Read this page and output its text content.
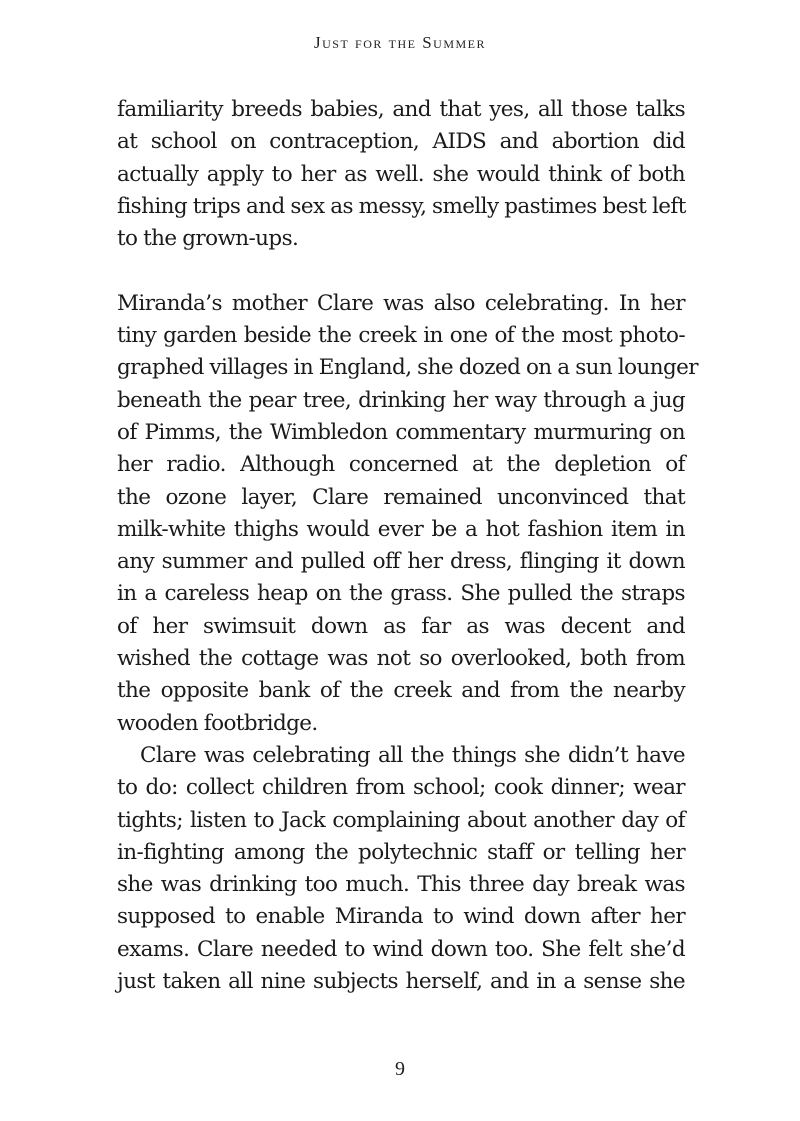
Just for the Summer
familiarity breeds babies, and that yes, all those talks
at school on contraception, AIDS and abortion did
actually apply to her as well. she would think of both
fishing trips and sex as messy, smelly pastimes best left
to the grown-ups.
Miranda’s mother Clare was also celebrating. In her
tiny garden beside the creek in one of the most photo-
graphed villages in England, she dozed on a sun lounger
beneath the pear tree, drinking her way through a jug
of Pimms, the Wimbledon commentary murmuring on
her radio. Although concerned at the depletion of
the ozone layer, Clare remained unconvinced that
milk-white thighs would ever be a hot fashion item in
any summer and pulled off her dress, flinging it down
in a careless heap on the grass. She pulled the straps
of her swimsuit down as far as was decent and
wished the cottage was not so overlooked, both from
the opposite bank of the creek and from the nearby
wooden footbridge.
Clare was celebrating all the things she didn’t have
to do: collect children from school; cook dinner; wear
tights; listen to Jack complaining about another day of
in-fighting among the polytechnic staff or telling her
she was drinking too much. This three day break was
supposed to enable Miranda to wind down after her
exams. Clare needed to wind down too. She felt she’d
just taken all nine subjects herself, and in a sense she
9
